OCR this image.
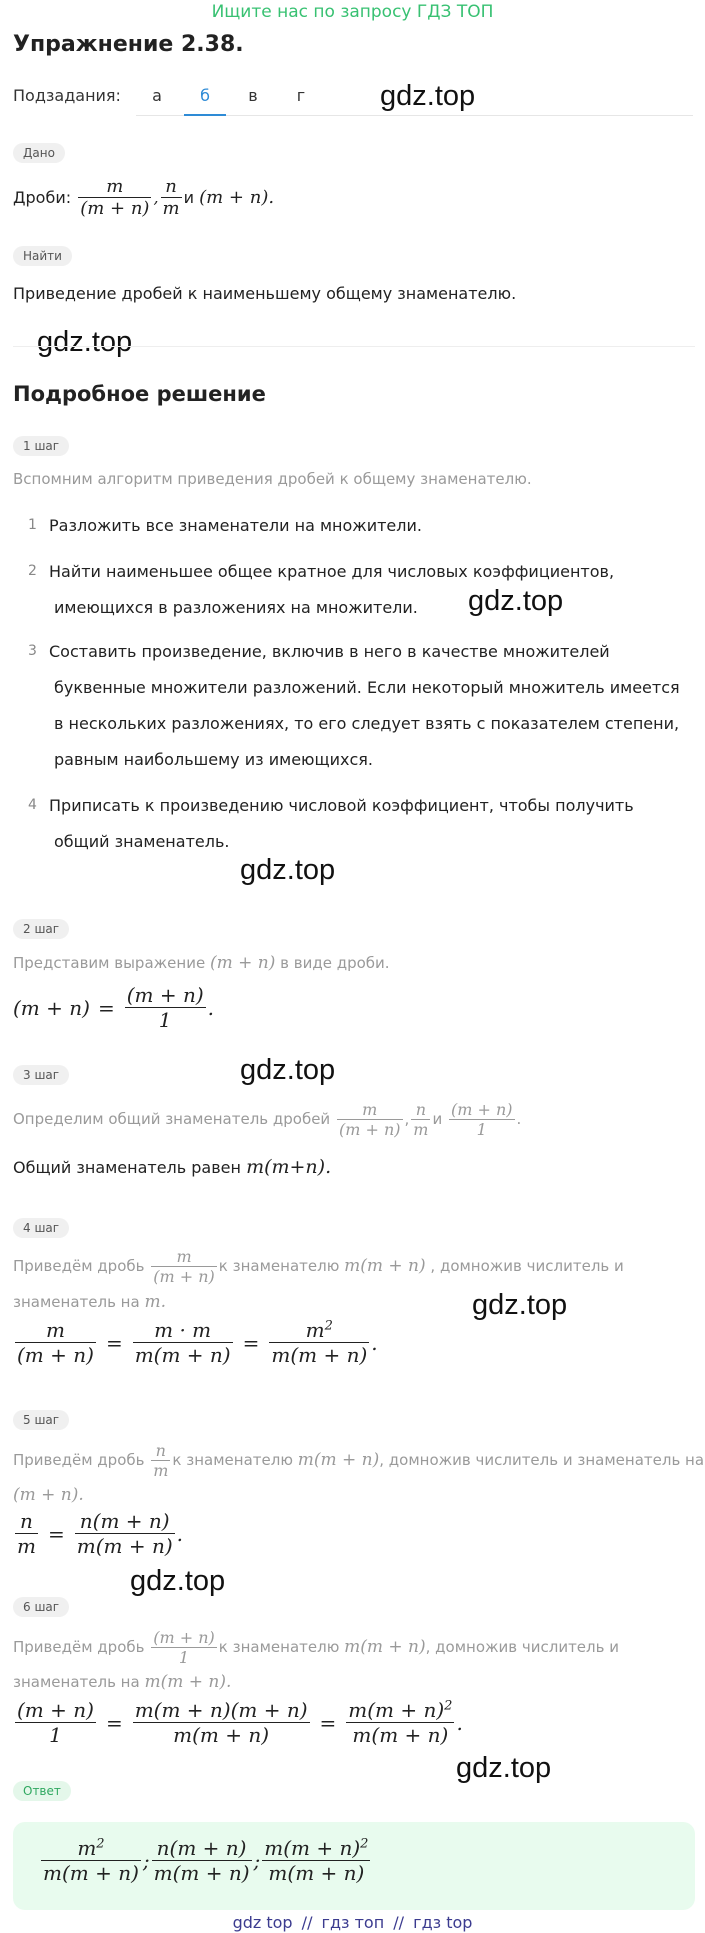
Ищите нас по запросу ГДЗ ТОП
Упражнение 2.38.
Подзадания:	а	б	в	г	gdz.top
gdz.top
gdz.top
gdz.top
gdz.top
gdz.top
gdz.top
gdz.top
Дано
Дроби:

m
(m + n)
,
n
m
и
(m + n).
Найти
Приведение дробей к наименьшему общему знаменателю.
Подробное решение
1 шаг
Вспомним алгоритм приведения дробей к общему знаменателю.
1 Разложить все знаменатели на множители.
2 Найти наименьшее общее кратное для числовых коэффициентов,
имеющихся в разложениях на множители.
3 Составить произведение, включив в него в качестве множителей
буквенные множители разложений. Если некоторый множитель имеется
в нескольких разложениях, то его следует взять с показателем степени,
равным наибольшему из имеющихся.
4 Приписать к произведению числовой коэффициент, чтобы получить
общий знаменатель.
2 шаг
Представим выражение (m + n) в виде дроби.
$(m + n) = \frac{(m + n)}{1}$ .
3 шаг
Определим общий знаменатель дробей

m
(m + n)
,
n
m
и

(m + n)
1
.
Общий знаменатель равен m(m+n).
4 шаг
Приведём дробь

m
(m + n)
к знаменателю
m(m + n)
, домножив числитель и
знаменатель на m.
$\frac{m}{(m + n)} = \frac{m \cdot m}{m(m + n)} = \frac{m^2}{m(m + n)}$ .
5 шаг
Приведём дробь

n
m
к знаменателю
m(m + n) , домножив числитель и знаменатель на
(m + n).
$\frac{n}{m} = \frac{n(m + n)}{m(m + n)}$ .
6 шаг
Приведём дробь

(m + n)
1
к знаменателю
m(m + n) , домножив числитель и
знаменатель на m(m + n).
$\frac{(m + n)}{1} = \frac{m(m + n)(m + n)}{m(m + n)} = \frac{m(m + n)^2}{m(m + n)}$ .
Ответ
$m^2$
m(m + n)
;
n(m + n)
m(m + n)
;
$m(m + n)^2$
m(m + n)
gdz top // гдз топ // гдз top
